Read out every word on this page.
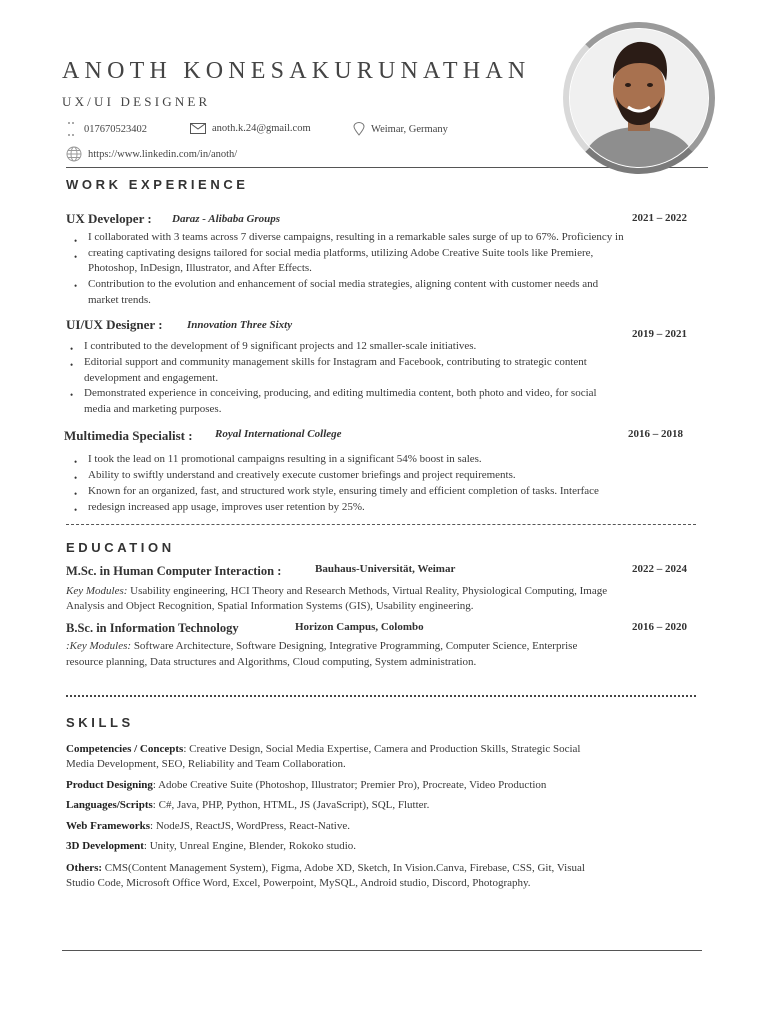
ANOTH KONESAKURUNATHAN
UX/UI DESIGNER
017670523402	anoth.k.24@gmail.com	Weimar, Germany
https://www.linkedin.com/in/anoth/
WORK EXPERIENCE
UX Developer : Daraz - Alibaba Groups	2021 – 2022
•
•
•
I collaborated with 3 teams across 7 diverse campaigns, resulting in a remarkable sales surge of up to 67%. Proficiency in
creating captivating designs tailored for social media platforms, utilizing Adobe Creative Suite tools like Premiere,
Photoshop, InDesign, Illustrator, and After Effects.
Contribution to the evolution and enhancement of social media strategies, aligning content with customer needs and
market trends.
UI/UX Designer : Innovation Three Sixty
2019 – 2021
•
•
•
I contributed to the development of 9 significant projects and 12 smaller-scale initiatives.
Editorial support and community management skills for Instagram and Facebook, contributing to strategic content
development and engagement.
Demonstrated experience in conceiving, producing, and editing multimedia content, both photo and video, for social
media and marketing purposes.
Multimedia Specialist : Royal International College	2016 – 2018
•
•
•
•
I took the lead on 11 promotional campaigns resulting in a significant 54% boost in sales.
Ability to swiftly understand and creatively execute customer briefings and project requirements.
Known for an organized, fast, and structured work style, ensuring timely and efficient completion of tasks. Interface
redesign increased app usage, improves user retention by 25%.
EDUCATION
M.Sc. in Human Computer Interaction :	Bauhaus-Universität, Weimar	2022 – 2024
Key Modules: Usability engineering, HCI Theory and Research Methods, Virtual Reality, Physiological Computing, Image
Analysis and Object Recognition, Spatial Information Systems (GIS), Usability engineering.
B.Sc. in Information Technology	Horizon Campus, Colombo	2016 – 2020
:Key Modules: Software Architecture, Software Designing, Integrative Programming, Computer Science, Enterprise
resource planning, Data structures and Algorithms, Cloud computing, System administration.
SKILLS
Competencies / Concepts: Creative Design, Social Media Expertise, Camera and Production Skills, Strategic Social
Media Development, SEO, Reliability and Team Collaboration.
Product Designing: Adobe Creative Suite (Photoshop, Illustrator; Premier Pro), Procreate, Video Production
Languages/Scripts: C#, Java, PHP, Python, HTML, JS (JavaScript), SQL, Flutter.
Web Frameworks: NodeJS, ReactJS, WordPress, React-Native.
3D Development: Unity, Unreal Engine, Blender, Rokoko studio.
Others: CMS(Content Management System), Figma, Adobe XD, Sketch, In Vision.Canva, Firebase, CSS, Git, Visual
Studio Code, Microsoft Office Word, Excel, Powerpoint, MySQL, Android studio, Discord, Photography.
